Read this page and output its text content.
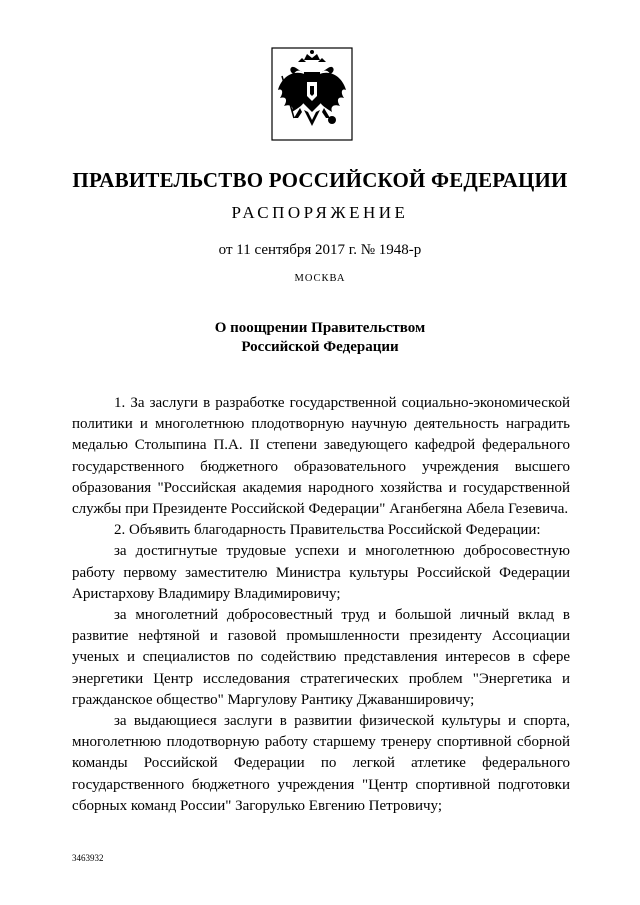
ПРАВИТЕЛЬСТВО РОССИЙСКОЙ ФЕДЕРАЦИИ
РАСПОРЯЖЕНИЕ
от 11 сентября 2017 г. № 1948-р
МОСКВА
О поощрении Правительством
Российской Федерации

1. За заслуги в разработке государственной социально-экономической политики и многолетнюю плодотворную научную деятельность наградить медалью Столыпина П.А. II степени заведующего кафедрой федерального государственного бюджетного образовательного учреждения высшего образования "Российская академия народного хозяйства и государственной службы при Президенте Российской Федерации" Аганбегяна Абела Гезевича.

2. Объявить благодарность Правительства Российской Федерации:

за достигнутые трудовые успехи и многолетнюю добросовестную работу первому заместителю Министра культуры Российской Федерации Аристархову Владимиру Владимировичу;

за многолетний добросовестный труд и большой личный вклад в развитие нефтяной и газовой промышленности президенту Ассоциации ученых и специалистов по содействию представления интересов в сфере энергетики Центр исследования стратегических проблем "Энергетика и гражданское общество" Маргулову Рантику Джаваншировичу;

за выдающиеся заслуги в развитии физической культуры и спорта, многолетнюю плодотворную работу старшему тренеру спортивной сборной команды Российской Федерации по легкой атлетике федерального государственного бюджетного учреждения "Центр спортивной подготовки сборных команд России" Загорулько Евгению Петровичу;

3463932
